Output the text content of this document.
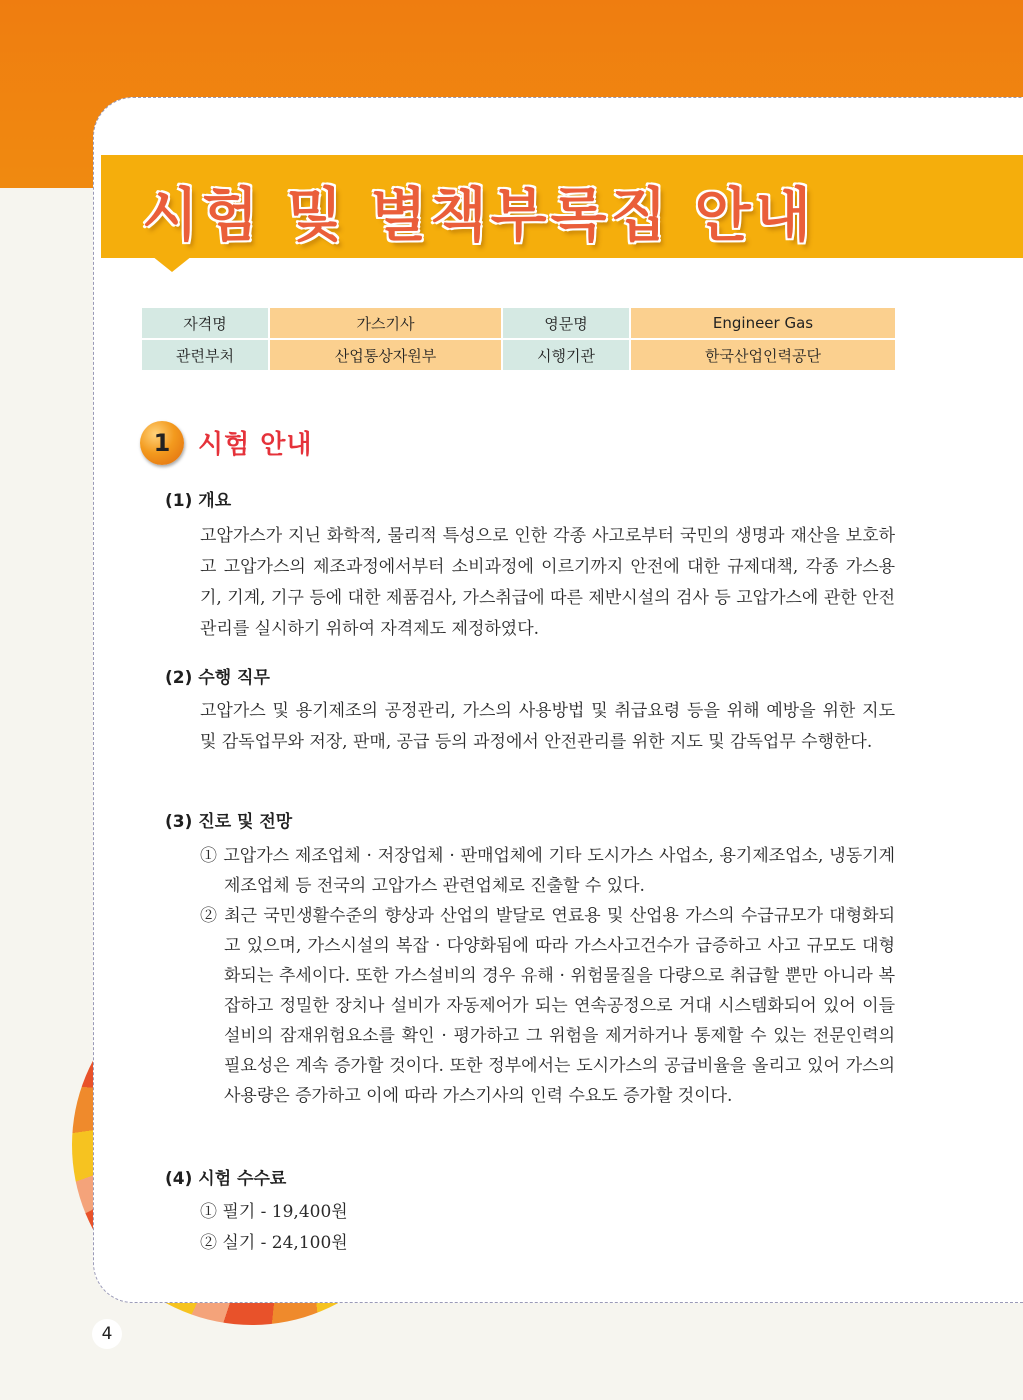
시험 및 별책부록집 안내
자격명	가스기사	영문명	Engineer Gas
관련부처	산업통상자원부	시행기관	한국산업인력공단
1	시험 안내
(1) 개요

고압가스가 지닌 화학적, 물리적 특성으로 인한 각종 사고로부터 국민의 생명과 재산을 보호하고 고압가스의 제조과정에서부터 소비과정에 이르기까지 안전에 대한 규제대책, 각종 가스용기, 기계, 기구 등에 대한 제품검사, 가스취급에 따른 제반시설의 검사 등 고압가스에 관한 안전관리를 실시하기 위하여 자격제도 제정하였다.

(2) 수행 직무

고압가스 및 용기제조의 공정관리, 가스의 사용방법 및 취급요령 등을 위해 예방을 위한 지도 및 감독업무와 저장, 판매, 공급 등의 과정에서 안전관리를 위한 지도 및 감독업무 수행한다.

(3) 진로 및 전망

① 고압가스 제조업체 · 저장업체 · 판매업체에 기타 도시가스 사업소, 용기제조업소, 냉동기계제조업체 등 전국의 고압가스 관련업체로 진출할 수 있다.

② 최근 국민생활수준의 향상과 산업의 발달로 연료용 및 산업용 가스의 수급규모가 대형화되고 있으며, 가스시설의 복잡 · 다양화됨에 따라 가스사고건수가 급증하고 사고 규모도 대형화되는 추세이다. 또한 가스설비의 경우 유해 · 위험물질을 다량으로 취급할 뿐만 아니라 복잡하고 정밀한 장치나 설비가 자동제어가 되는 연속공정으로 거대 시스템화되어 있어 이들 설비의 잠재위험요소를 확인 · 평가하고 그 위험을 제거하거나 통제할 수 있는 전문인력의 필요성은 계속 증가할 것이다. 또한 정부에서는 도시가스의 공급비율을 올리고 있어 가스의 사용량은 증가하고 이에 따라 가스기사의 인력 수요도 증가할 것이다.

(4) 시험 수수료

① 필기 - 19,400원

② 실기 - 24,100원

4
